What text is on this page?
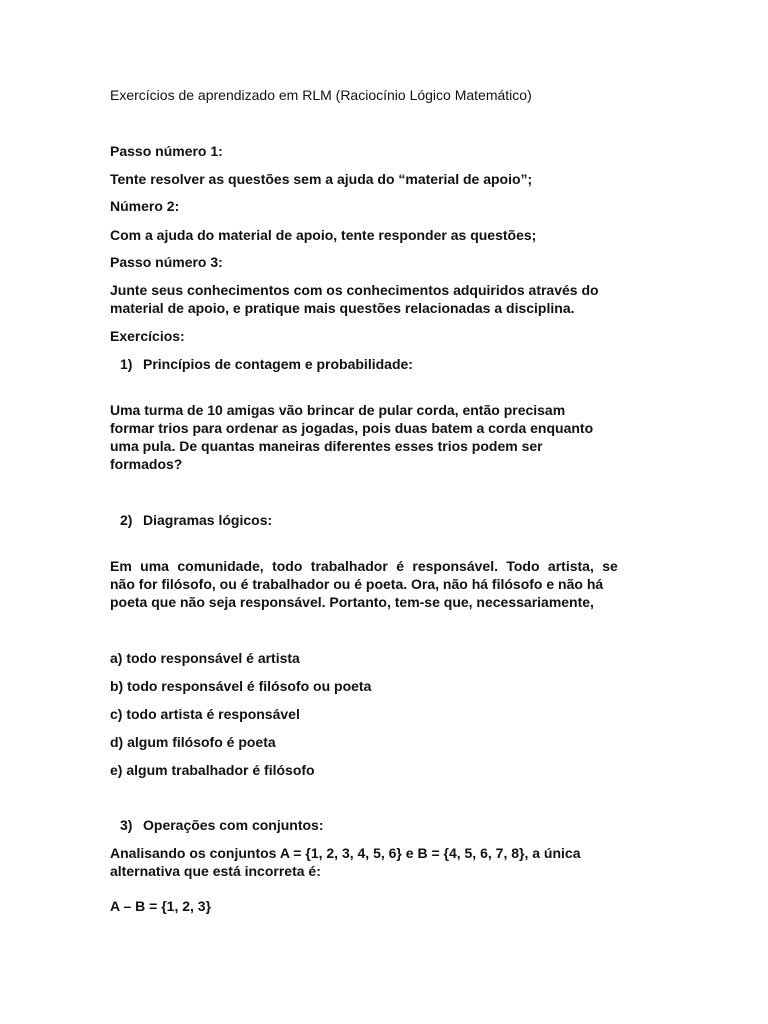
Exercícios de aprendizado em RLM (Raciocínio Lógico Matemático)

Passo número 1:

Tente resolver as questões sem a ajuda do “material de apoio”;

Número 2:

Com a ajuda do material de apoio, tente responder as questões;

Passo número 3:

Junte seus conhecimentos com os conhecimentos adquiridos através do

material de apoio, e pratique mais questões relacionadas a disciplina.

Exercícios:

1) Princípios de contagem e probabilidade:

Uma turma de 10 amigas vão brincar de pular corda, então precisam

formar trios para ordenar as jogadas, pois duas batem a corda enquanto

uma pula. De quantas maneiras diferentes esses trios podem ser

formados?

2) Diagramas lógicos:

Em uma comunidade, todo trabalhador é responsável. Todo artista, se

não for filósofo, ou é trabalhador ou é poeta. Ora, não há filósofo e não há

poeta que não seja responsável. Portanto, tem-se que, necessariamente,

a) todo responsável é artista

b) todo responsável é filósofo ou poeta

c) todo artista é responsável

d) algum filósofo é poeta

e) algum trabalhador é filósofo

3) Operações com conjuntos:

Analisando os conjuntos A = {1, 2, 3, 4, 5, 6} e B = {4, 5, 6, 7, 8}, a única

alternativa que está incorreta é:

A – B = {1, 2, 3}
